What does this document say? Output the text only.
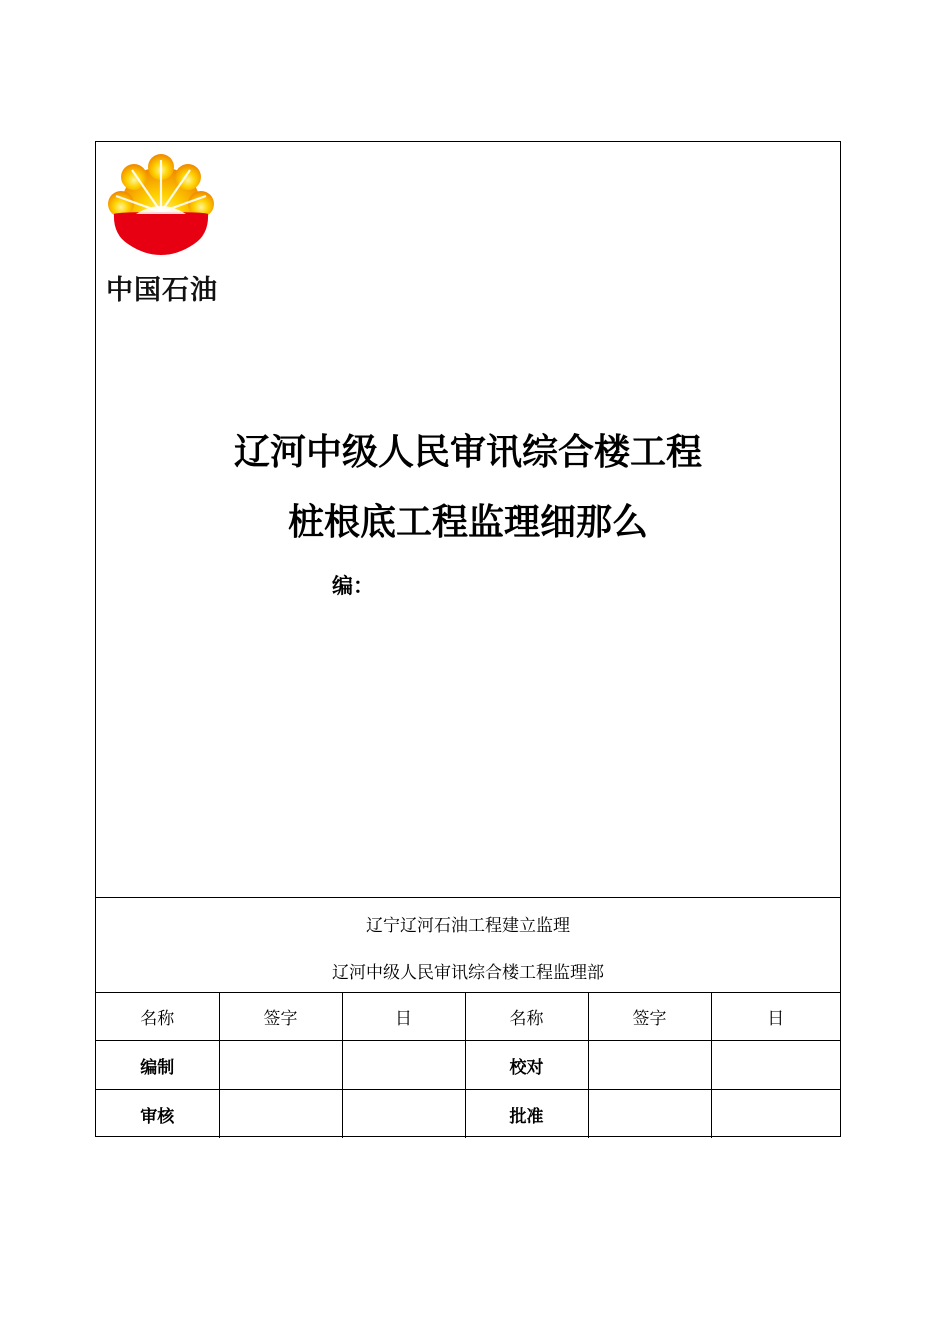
中国石油
辽河中级人民审讯综合楼工程
桩根底工程监理细那么
编：
辽宁辽河石油工程建立监理
辽河中级人民审讯综合楼工程监理部
名称	签字	日	名称	签字	日
编制			校对		
审核			批准		
